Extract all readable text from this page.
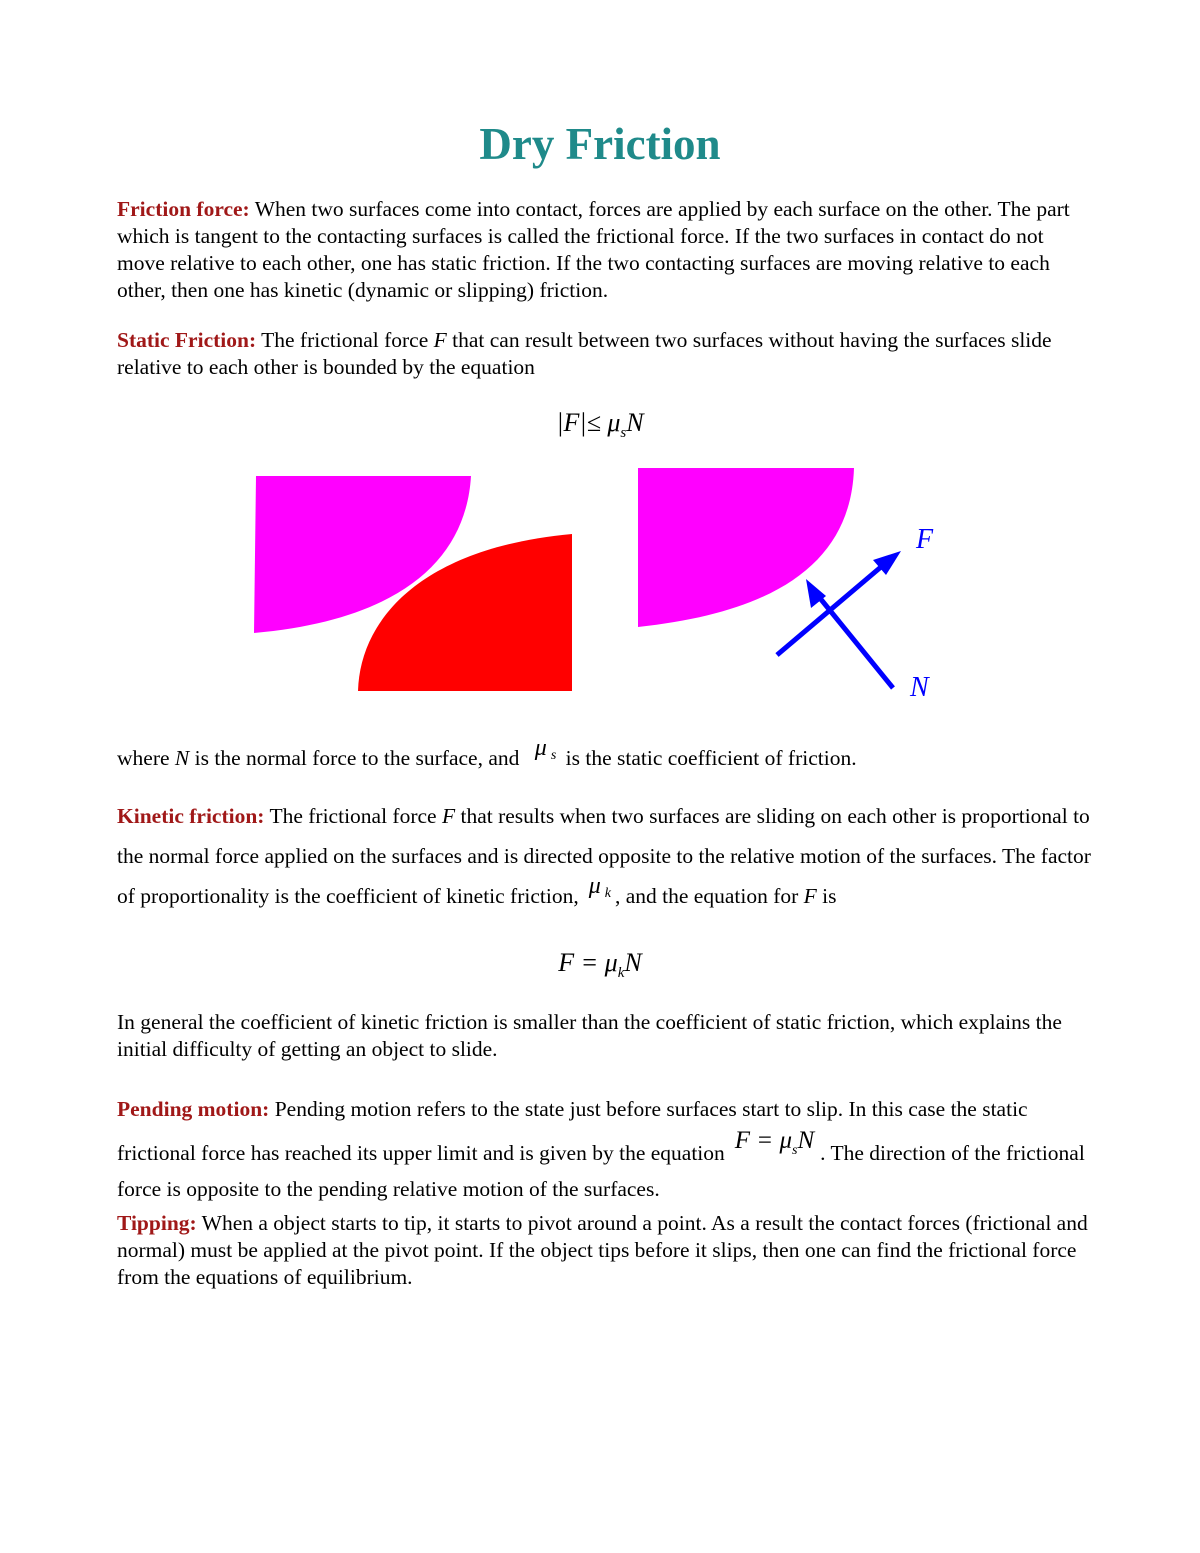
Dry Friction

Friction force: When two surfaces come into contact, forces are applied by each surface on the other. The part which is tangent to the contacting surfaces is called the frictional force. If the two surfaces in contact do not move relative to each other, one has static friction. If the two contacting surfaces are moving relative to each other, then one has kinetic (dynamic or slipping) friction.

Static Friction: The frictional force F that can result between two surfaces without having the surfaces slide relative to each other is bounded by the equation

$|F|\le \mu_sN$
F
N

where N is the normal force to the surface, and μ $^s$ is the static coefficient of friction.

Kinetic friction: The frictional force F that results when two surfaces are sliding on each other is proportional to the normal force applied on the surfaces and is directed opposite to the relative motion of the surfaces. The factor of proportionality is the coefficient of kinetic friction, μ $^k$ , and the equation for F is

$F = \mu_kN$

In general the coefficient of kinetic friction is smaller than the coefficient of static friction, which explains the initial difficulty of getting an object to slide.

Pending motion: Pending motion refers to the state just before surfaces start to slip. In this case the static frictional force has reached its upper limit and is given by the equation $F = \mu_sN$ . The direction of the frictional force is opposite to the pending relative motion of the surfaces.

Tipping: When a object starts to tip, it starts to pivot around a point. As a result the contact forces (frictional and normal) must be applied at the pivot point. If the object tips before it slips, then one can find the frictional force from the equations of equilibrium.
